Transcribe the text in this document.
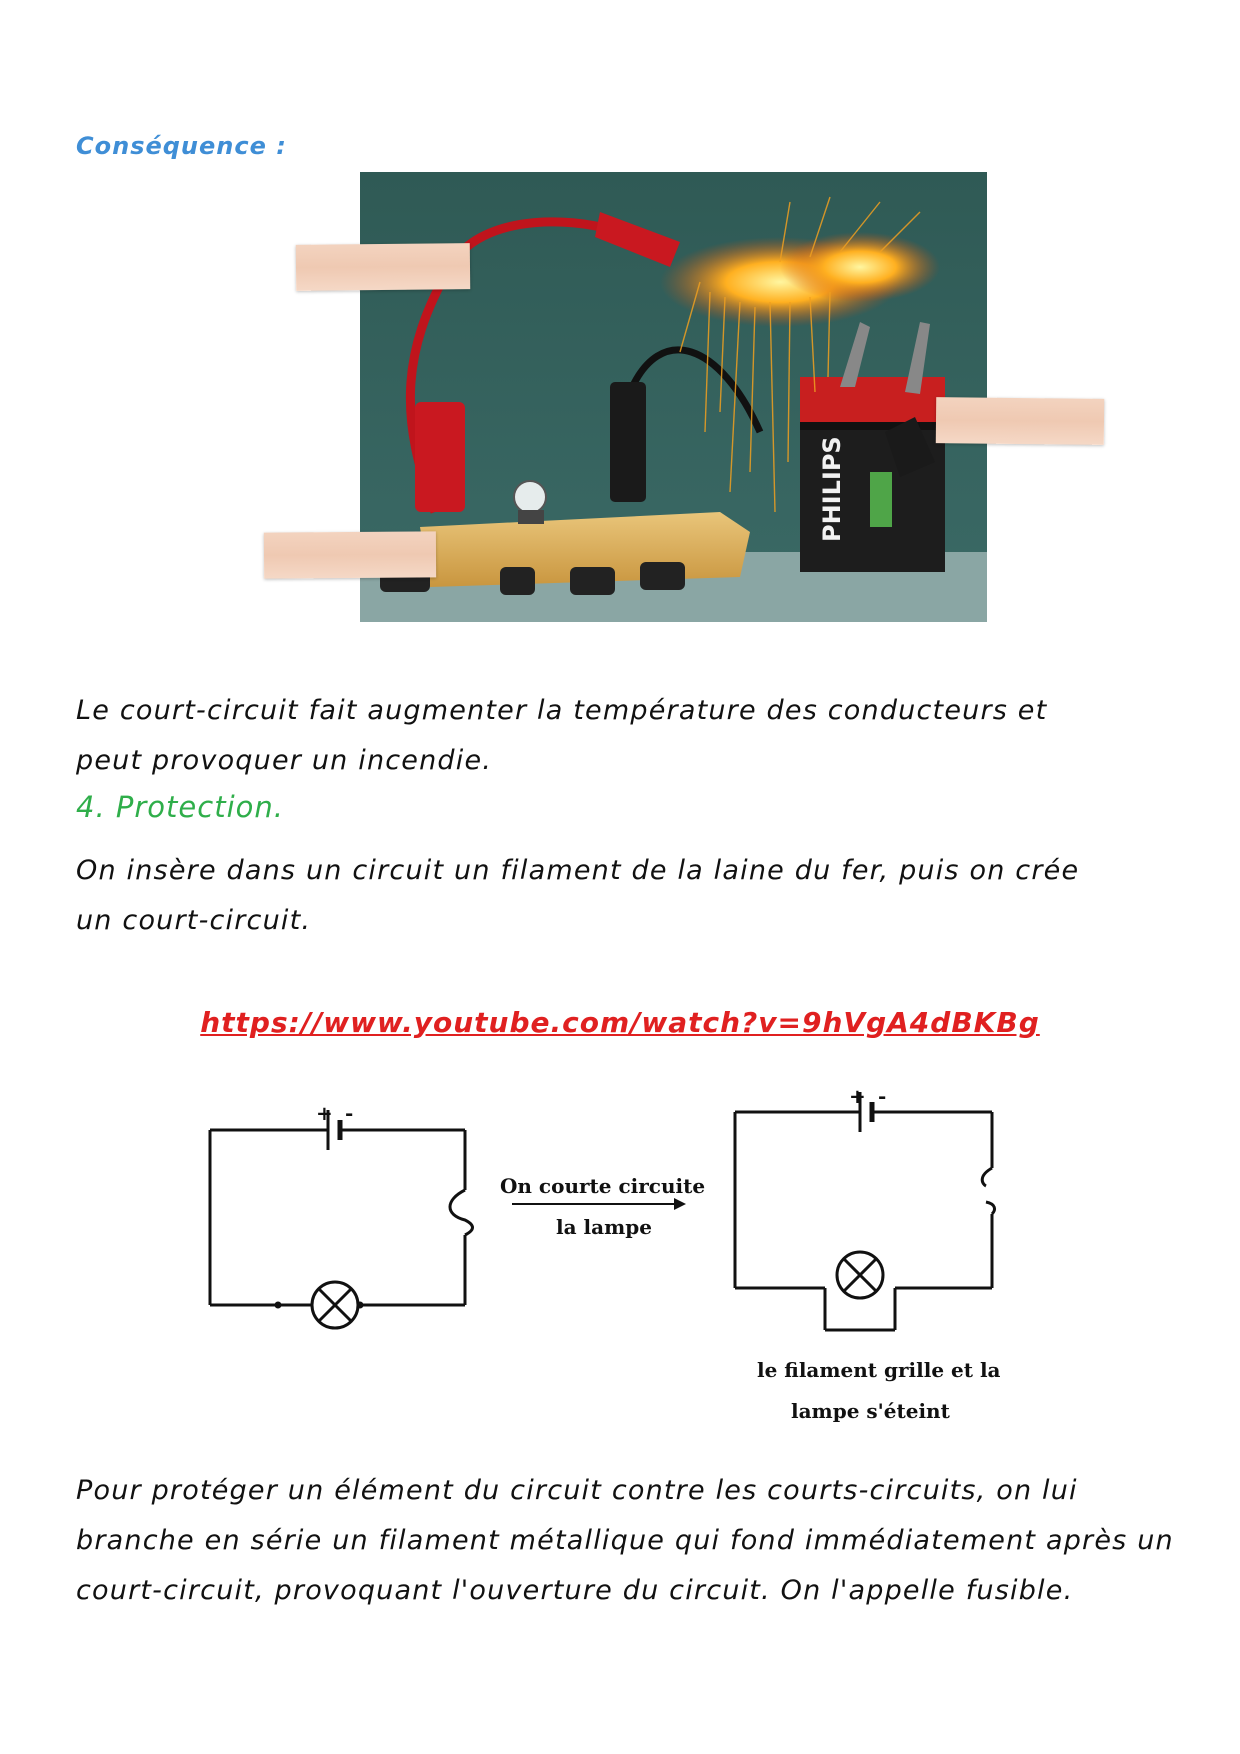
Conséquence :
PHILIPS
Le court-circuit fait augmenter la température des conducteurs et peut provoquer un incendie.
4. Protection.
On insère dans un circuit un filament de la laine du fer, puis on crée un court-circuit.
https://www.youtube.com/watch?v=9hVgA4dBKBg
+ -
On courte circuite
la lampe
+ -
le filament grille et la
lampe s'éteint
Pour protéger un élément du circuit contre les courts-circuits, on lui branche en série un filament métallique qui fond immédiatement après un court-circuit, provoquant l'ouverture du circuit. On l'appelle fusible.
